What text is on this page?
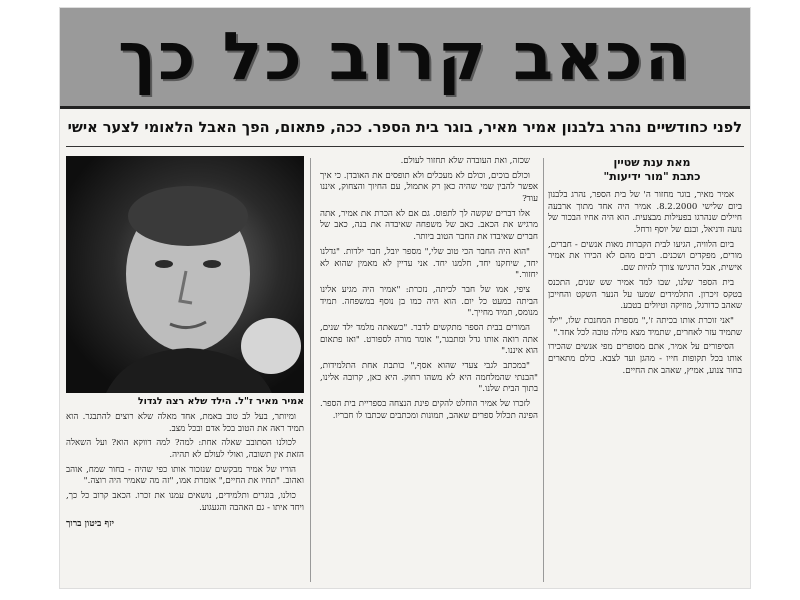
הכאב קרוב כל כך
לפני כחודשיים נהרג בלבנון אמיר מאיר, בוגר בית הספר. ככה, פתאום, הפך האבל הלאומי לצער אישי
אמיר מאיר ז"ל. הילד שלא רצה לגדול
מאת ענת שטיין
כתבת "מור ידיעות"

אמיר מאיר, בוגר מחזור ה' של בית הספר, נהרג בלבנון ביום שלישי 8.2.2000. אמיר היה אחד מתוך ארבעה חיילים שנהרגו בפעילות מבצעית. הוא היה אחיו הבכור של נועה ודניאל, ובנם של יוסף ורחל.

ביום הלוויה, הגיעו לבית הקברות מאות אנשים - חברים, מורים, מפקדים ושכנים. רבים מהם לא הכירו את אמיר אישית, אבל הרגישו צורך להיות שם.

בית הספר שלנו, שבו למד אמיר שש שנים, התכנס בטקס זיכרון. התלמידים שמעו על הנער השקט והחייכן שאהב כדורגל, מוזיקה וטיולים בטבע.

"אני זוכרת אותו בכיתה ז'," מספרת המחנכת שלו, "ילד שתמיד עזר לאחרים, שתמיד מצא מילה טובה לכל אחד."

הסיפורים על אמיר, אתם מסופרים מפי אנשים שהכירו אותו בכל תקופות חייו - מהגן ועד לצבא. כולם מתארים בחור צנוע, אמיץ, שאהב את החיים.

שכזה, ואת העובדה שלא תחזור לעולם.

וכולם בוכים, וכולם לא מעכלים ולא תופסים את האובדן. כי איך אפשר להבין שמי שהיה כאן רק אתמול, עם החיוך והצחוק, איננו עוד?

אלו דברים שקשה לך לתפוס. גם אם לא הכרת את אמיר, אתה מרגיש את הכאב. כאב של משפחה שאיבדה את בנה, כאב של חברים שאיבדו את החבר הטוב ביותר.

"הוא היה החבר הכי טוב שלי," מספר יובל, חבר ילדות. "גדלנו יחד, שיחקנו יחד, חלמנו יחד. אני עדיין לא מאמין שהוא לא יחזור."

ציפי, אמו של חבר לכיתה, נזכרת: "אמיר היה מגיע אלינו הביתה כמעט כל יום. הוא היה כמו בן נוסף במשפחה. תמיד מנומס, תמיד מחייך."

המורים בבית הספר מתקשים לדבר. "כשאתה מלמד ילד שנים, אתה רואה אותו גדל ומתבגר," אומר מורה לספורט. "ואז פתאום הוא איננו."

"במכתב לגבי צעדי שהוא אסף," כותבת אחת התלמידות, "הבנתי שהמלחמה היא לא משהו רחוק. היא כאן, קרובה אלינו, בתוך הבית שלנו."

לזכרו של אמיר הוחלט להקים פינת הנצחה בספריית בית הספר. הפינה תכלול ספרים שאהב, תמונות ומכתבים שכתבו לו חבריו.

ומיותר, בעל לב טוב באמת, אחד מאלה שלא רוצים להתבגר. הוא תמיד ראה את הטוב בכל אדם ובכל מצב.

לכולנו הסתובב שאלה אחת: למה? למה דווקא הוא? ועל השאלה הזאת אין תשובה, ואולי לעולם לא תהיה.

הוריו של אמיר מבקשים שנזכור אותו כפי שהיה - בחור שמח, אוהב ואהוב. "תחיו את החיים," אומרת אמו, "זה מה שאמיר היה רוצה."

כולנו, בוגרים ותלמידים, נושאים עמנו את זכרו. הכאב קרוב כל כך, ויחד איתו - גם האהבה והגעגוע.

יזף ביטון ברוך
